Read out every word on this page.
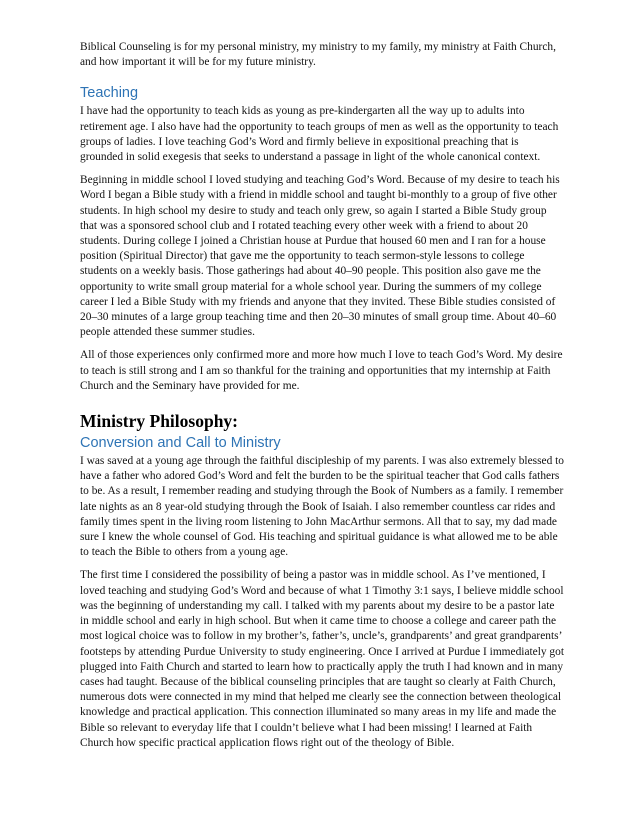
Biblical Counseling is for my personal ministry, my ministry to my family, my ministry at Faith Church, and how important it will be for my future ministry.

Teaching

I have had the opportunity to teach kids as young as pre-kindergarten all the way up to adults into retirement age. I also have had the opportunity to teach groups of men as well as the opportunity to teach groups of ladies. I love teaching God’s Word and firmly believe in expositional preaching that is grounded in solid exegesis that seeks to understand a passage in light of the whole canonical context.

Beginning in middle school I loved studying and teaching God’s Word. Because of my desire to teach his Word I began a Bible study with a friend in middle school and taught bi-monthly to a group of five other students. In high school my desire to study and teach only grew, so again I started a Bible Study group that was a sponsored school club and I rotated teaching every other week with a friend to about 20 students. During college I joined a Christian house at Purdue that housed 60 men and I ran for a house position (Spiritual Director) that gave me the opportunity to teach sermon-style lessons to college students on a weekly basis. Those gatherings had about 40–90 people. This position also gave me the opportunity to write small group material for a whole school year. During the summers of my college career I led a Bible Study with my friends and anyone that they invited. These Bible studies consisted of 20–30 minutes of a large group teaching time and then 20–30 minutes of small group time. About 40–60 people attended these summer studies.

All of those experiences only confirmed more and more how much I love to teach God’s Word. My desire to teach is still strong and I am so thankful for the training and opportunities that my internship at Faith Church and the Seminary have provided for me.

Ministry Philosophy:
Conversion and Call to Ministry

I was saved at a young age through the faithful discipleship of my parents. I was also extremely blessed to have a father who adored God’s Word and felt the burden to be the spiritual teacher that God calls fathers to be. As a result, I remember reading and studying through the Book of Numbers as a family. I remember late nights as an 8 year-old studying through the Book of Isaiah. I also remember countless car rides and family times spent in the living room listening to John MacArthur sermons. All that to say, my dad made sure I knew the whole counsel of God. His teaching and spiritual guidance is what allowed me to be able to teach the Bible to others from a young age.

The first time I considered the possibility of being a pastor was in middle school. As I’ve mentioned, I loved teaching and studying God’s Word and because of what 1 Timothy 3:1 says, I believe middle school was the beginning of understanding my call. I talked with my parents about my desire to be a pastor late in middle school and early in high school. But when it came time to choose a college and career path the most logical choice was to follow in my brother’s, father’s, uncle’s, grandparents’ and great grandparents’ footsteps by attending Purdue University to study engineering. Once I arrived at Purdue I immediately got plugged into Faith Church and started to learn how to practically apply the truth I had known and in many cases had taught. Because of the biblical counseling principles that are taught so clearly at Faith Church, numerous dots were connected in my mind that helped me clearly see the connection between theological knowledge and practical application. This connection illuminated so many areas in my life and made the Bible so relevant to everyday life that I couldn’t believe what I had been missing! I learned at Faith Church how specific practical application flows right out of the theology of Bible.
